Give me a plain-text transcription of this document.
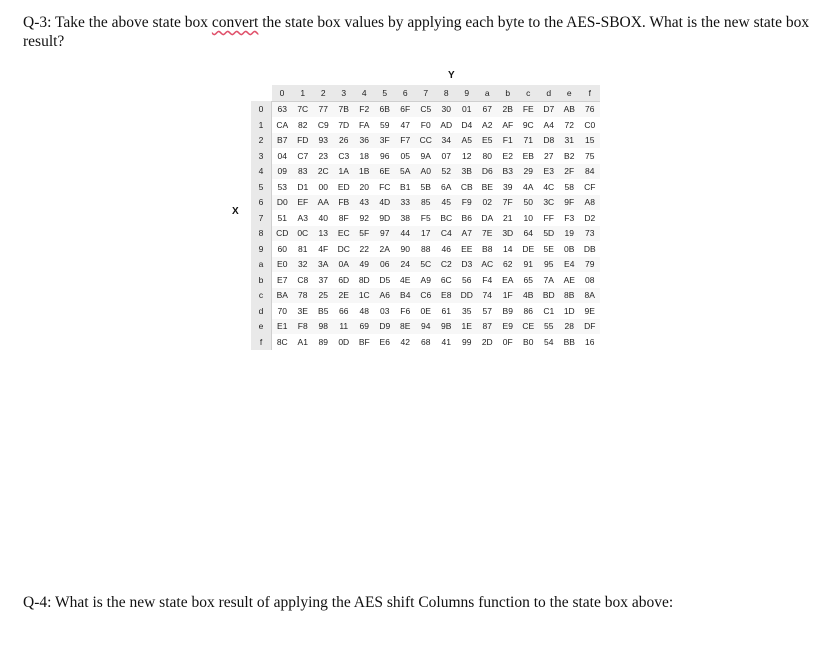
Q-3: Take the above state box convert the state box values by applying each byte to the AES-SBOX. What is the new state box result?
Y
X
	0	1	2	3	4	5	6	7	8	9	a	b	c	d	e	f
0	63	7C	77	7B	F2	6B	6F	C5	30	01	67	2B	FE	D7	AB	76
1	CA	82	C9	7D	FA	59	47	F0	AD	D4	A2	AF	9C	A4	72	C0
2	B7	FD	93	26	36	3F	F7	CC	34	A5	E5	F1	71	D8	31	15
3	04	C7	23	C3	18	96	05	9A	07	12	80	E2	EB	27	B2	75
4	09	83	2C	1A	1B	6E	5A	A0	52	3B	D6	B3	29	E3	2F	84
5	53	D1	00	ED	20	FC	B1	5B	6A	CB	BE	39	4A	4C	58	CF
6	D0	EF	AA	FB	43	4D	33	85	45	F9	02	7F	50	3C	9F	A8
7	51	A3	40	8F	92	9D	38	F5	BC	B6	DA	21	10	FF	F3	D2
8	CD	0C	13	EC	5F	97	44	17	C4	A7	7E	3D	64	5D	19	73
9	60	81	4F	DC	22	2A	90	88	46	EE	B8	14	DE	5E	0B	DB
a	E0	32	3A	0A	49	06	24	5C	C2	D3	AC	62	91	95	E4	79
b	E7	C8	37	6D	8D	D5	4E	A9	6C	56	F4	EA	65	7A	AE	08
c	BA	78	25	2E	1C	A6	B4	C6	E8	DD	74	1F	4B	BD	8B	8A
d	70	3E	B5	66	48	03	F6	0E	61	35	57	B9	86	C1	1D	9E
e	E1	F8	98	11	69	D9	8E	94	9B	1E	87	E9	CE	55	28	DF
f	8C	A1	89	0D	BF	E6	42	68	41	99	2D	0F	B0	54	BB	16
Q-4: What is the new state box result of applying the AES shift Columns function to the state box above:
